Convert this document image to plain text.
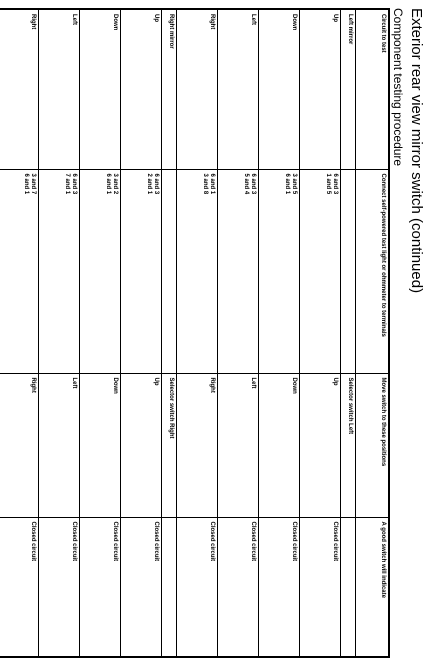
Exterior rear view mirror switch (continued)
Component testing procedure
Circuit to test	Connect self-powered test light or ohmmeter to terminals	Move switch to these positions	A good switch will indicate
Left mirror		Selector switch Left	
Up	6 and 3
1 and 5	Up	Closed circuit
Down	3 and 5
6 and 1	Down	Closed circuit
Left	6 and 3
5 and 4	Left	Closed circuit
Right	6 and 1
3 and 8	Right	Closed circuit
Right mirror		Selector switch Right	
Up	6 and 3
2 and 1	Up	Closed circuit
Down	3 and 2
6 and 1	Down	Closed circuit
Left	6 and 3
7 and 1	Left	Closed circuit
Right	3 and 7
6 and 1	Right	Closed circuit
